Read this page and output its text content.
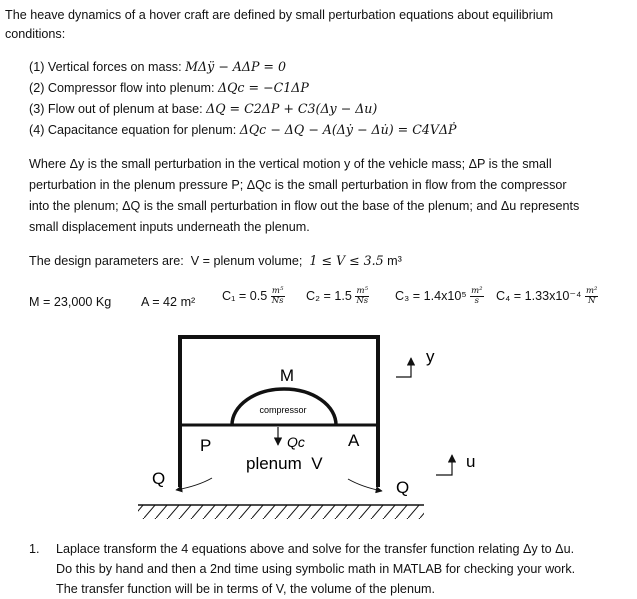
The heave dynamics of a hover craft are defined by small perturbation equations about equilibrium
conditions:
(1) Vertical forces on mass: MΔÿ − AΔP = 0
(2) Compressor flow into plenum: ΔQc = −C1ΔP
(3) Flow out of plenum at base: ΔQ = C2ΔP + C3(Δy − Δu)
(4) Capacitance equation for plenum: ΔQc − ΔQ − A(Δẏ − Δu̇) = C4VΔṖ
Where Δy is the small perturbation in the vertical motion y of the vehicle mass; ΔP is the small
perturbation in the plenum pressure P; ΔQc is the small perturbation in flow from the compressor
into the plenum; ΔQ is the small perturbation in flow out the base of the plenum; and Δu represents
small displacement inputs underneath the plenum.
The design parameters are: V = plenum volume; 1 ≤ V ≤ 3.5 m³
M = 23,000 Kg A = 42 m² $C_1 = 0.5 \frac{\text{m⁵}}{Ns} C_2 = 1.5 \frac{\text{m⁵}}{Ns} C_3 = 1.4x10^5 \frac{\text{m²}}{s} C_4 = 1.33x10^{-4} \frac{\text{m²}}{N}$
compressor
M
Qc
P	A
plenum  V
Q	Q
y
u
1. Laplace transform the 4 equations above and solve for the transfer function relating Δy to Δu.
Do this by hand and then a 2nd time using symbolic math in MATLAB for checking your work.
The transfer function will be in terms of V, the volume of the plenum.
